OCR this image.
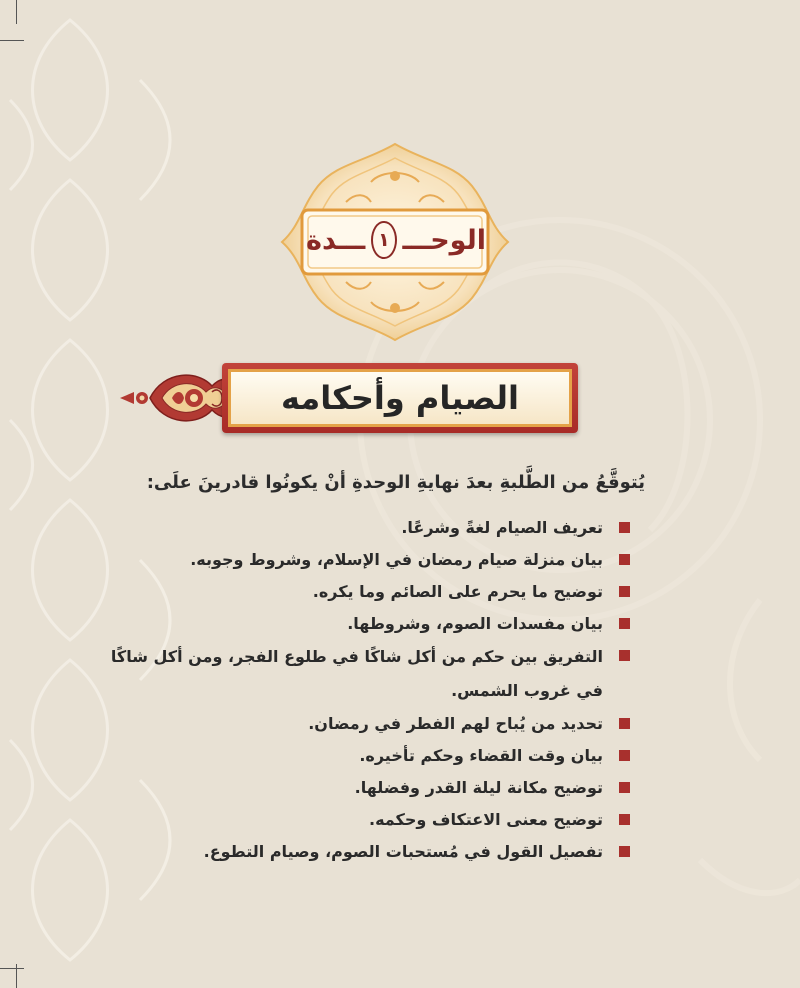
الوحـــ
١
ـــدة
الصيام وأحكامه
يُتوقَّعُ من الطَّلبةِ بعدَ نهايةِ الوحدةِ أنْ يكونُوا قادرينَ علَى:
تعريف الصيام لغةً وشرعًا.
بيان منزلة صيام رمضان في الإسلام، وشروط وجوبه.
توضيح ما يحرم على الصائم وما يكره.
بيان مفسدات الصوم، وشروطها.
التفريق بين حكم من أكل شاكًا في طلوع الفجر، ومن أكل شاكًا في غروب الشمس.
تحديد من يُباح لهم الفطر في رمضان.
بيان وقت القضاء وحكم تأخيره.
توضيح مكانة ليلة القدر وفضلها.
توضيح معنى الاعتكاف وحكمه.
تفصيل القول في مُستحبات الصوم، وصيام التطوع.
